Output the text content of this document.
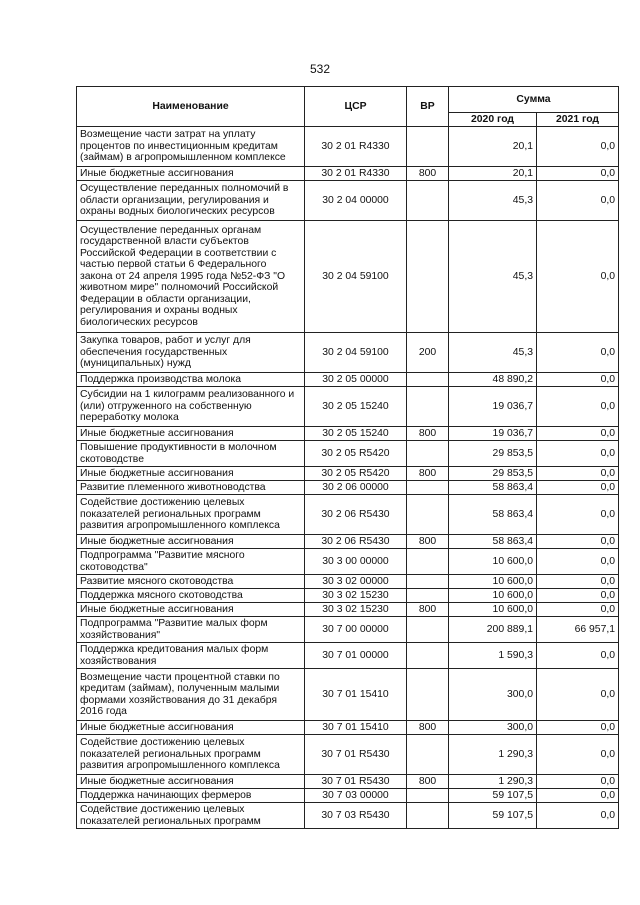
532
Наименование	ЦСР	ВР	Сумма	
			2020 год	2021 год
Возмещение части затрат на уплату процентов по инвестиционным кредитам (займам) в агропромышленном комплексе	30 2 01 R4330		20,1	0,0
Иные бюджетные ассигнования	30 2 01 R4330	800	20,1	0,0
Осуществление переданных полномочий в области организации, регулирования и охраны водных биологических ресурсов	30 2 04 00000		45,3	0,0
Осуществление переданных органам государственной власти субъектов Российской Федерации в соответствии с частью первой статьи 6 Федерального закона от 24 апреля 1995 года №52-ФЗ "О животном мире" полномочий Российской Федерации в области организации, регулирования и охраны водных биологических ресурсов	30 2 04 59100		45,3	0,0
Закупка товаров, работ и услуг для обеспечения государственных (муниципальных) нужд	30 2 04 59100	200	45,3	0,0
Поддержка производства молока	30 2 05 00000		48 890,2	0,0
Субсидии на 1 килограмм реализованного и (или) отгруженного на собственную переработку молока	30 2 05 15240		19 036,7	0,0
Иные бюджетные ассигнования	30 2 05 15240	800	19 036,7	0,0
Повышение продуктивности в молочном скотоводстве	30 2 05 R5420		29 853,5	0,0
Иные бюджетные ассигнования	30 2 05 R5420	800	29 853,5	0,0
Развитие племенного животноводства	30 2 06 00000		58 863,4	0,0
Содействие достижению целевых показателей региональных программ развития агропромышленного комплекса	30 2 06 R5430		58 863,4	0,0
Иные бюджетные ассигнования	30 2 06 R5430	800	58 863,4	0,0
Подпрограмма "Развитие мясного скотоводства"	30 3 00 00000		10 600,0	0,0
Развитие мясного скотоводства	30 3 02 00000		10 600,0	0,0
Поддержка мясного скотоводства	30 3 02 15230		10 600,0	0,0
Иные бюджетные ассигнования	30 3 02 15230	800	10 600,0	0,0
Подпрограмма "Развитие малых форм хозяйствования"	30 7 00 00000		200 889,1	66 957,1
Поддержка кредитования малых форм хозяйствования	30 7 01 00000		1 590,3	0,0
Возмещение части процентной ставки по кредитам (займам), полученным малыми формами хозяйствования до 31 декабря 2016 года	30 7 01 15410		300,0	0,0
Иные бюджетные ассигнования	30 7 01 15410	800	300,0	0,0
Содействие достижению целевых показателей региональных программ развития агропромышленного комплекса	30 7 01 R5430		1 290,3	0,0
Иные бюджетные ассигнования	30 7 01 R5430	800	1 290,3	0,0
Поддержка начинающих фермеров	30 7 03 00000		59 107,5	0,0
Содействие достижению целевых показателей региональных программ	30 7 03 R5430		59 107,5	0,0
